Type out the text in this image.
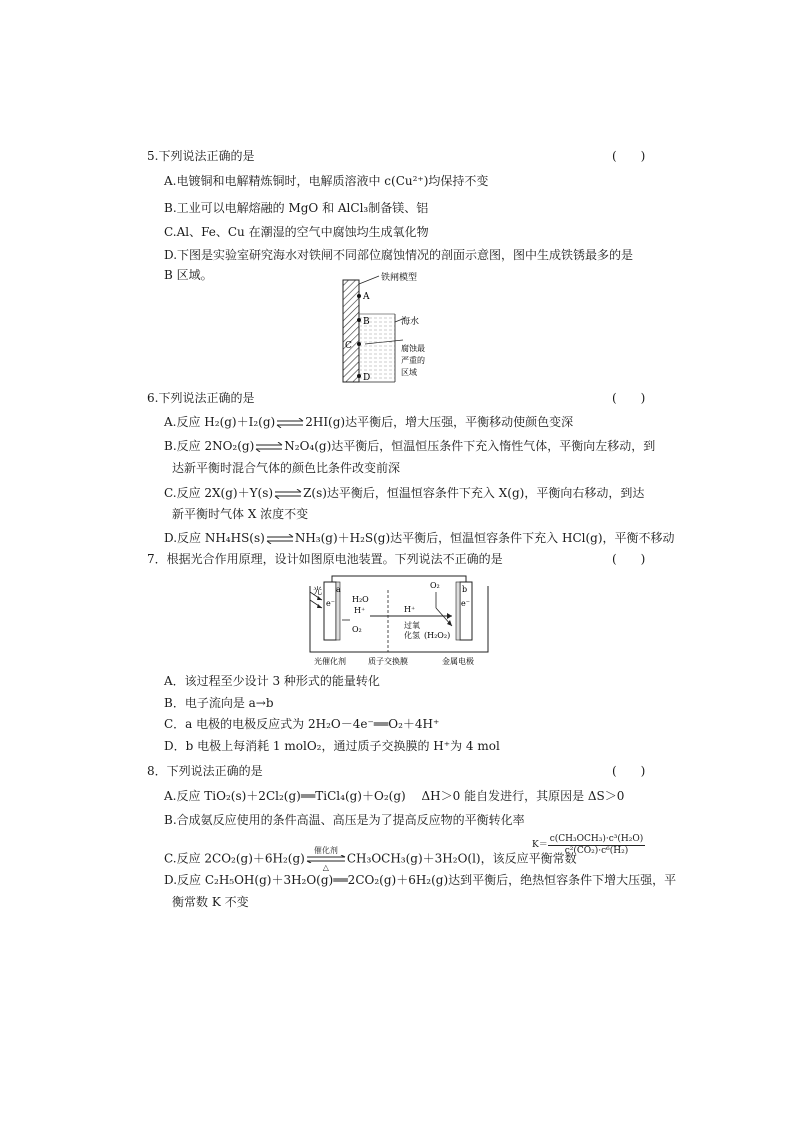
5.下列说法正确的是	(　　)
A.电镀铜和电解精炼铜时，电解质溶液中 c(Cu²⁺)均保持不变
B.工业可以电解熔融的 MgO 和 AlCl₃制备镁、铝
C.Al、Fe、Cu 在潮湿的空气中腐蚀均生成氧化物
D.下图是实验室研究海水对铁闸不同部位腐蚀情况的剖面示意图，图中生成铁锈最多的是
B 区域。
A
B
C
D
铁闸模型
海水
腐蚀最
严重的
区域
6.下列说法正确的是	(　　)
A.反应 H₂(g)＋I₂(g)⇌2HI(g)达平衡后，增大压强，平衡移动使颜色变深
B.反应 2NO₂(g)⇌N₂O₄(g)达平衡后，恒温恒压条件下充入惰性气体，平衡向左移动，到
达新平衡时混合气体的颜色比条件改变前深
C.反应 2X(g)＋Y(s)⇌Z(s)达平衡后，恒温恒容条件下充入 X(g)，平衡向右移动，到达
新平衡时气体 X 浓度不变
D.反应 NH₄HS(s)⇌NH₃(g)＋H₂S(g)达平衡后，恒温恒容条件下充入 HCl(g)，平衡不移动
7．根据光合作用原理，设计如图原电池装置。下列说法不正确的是	(　　)
光 a	b
e⁻	e⁻
H₂O
H⁺
O₂
H⁺
O₂
过氧
化氢 (H₂O₂)
光催化剂	质子交换膜	金属电极
A．该过程至少设计 3 种形式的能量转化
B．电子流向是 a→b
C．a 电极的电极反应式为 2H₂O－4e⁻══O₂＋4H⁺
D．b 电极上每消耗 1 molO₂，通过质子交换膜的 H⁺为 4 mol
8．下列说法正确的是	(　　)
A.反应 TiO₂(s)＋2Cl₂(g)══TiCl₄(g)＋O₂(g)　 ΔH＞0 能自发进行，其原因是 ΔS＞0
B.合成氨反应使用的条件高温、高压是为了提高反应物的平衡转化率
C.反应 2CO₂(g)＋6H₂(g)
催化剂
△
CH₃OCH₃(g)＋3H₂O(l)，该反应平衡常数
$K= \frac{\text{c(CH₃OCH₃)·c³(H₂O)}}{\text{c²(CO₂)·c⁶(H₂)}}$
D.反应 C₂H₅OH(g)＋3H₂O(g)══2CO₂(g)＋6H₂(g)达到平衡后，绝热恒容条件下增大压强，平
衡常数 K 不变
